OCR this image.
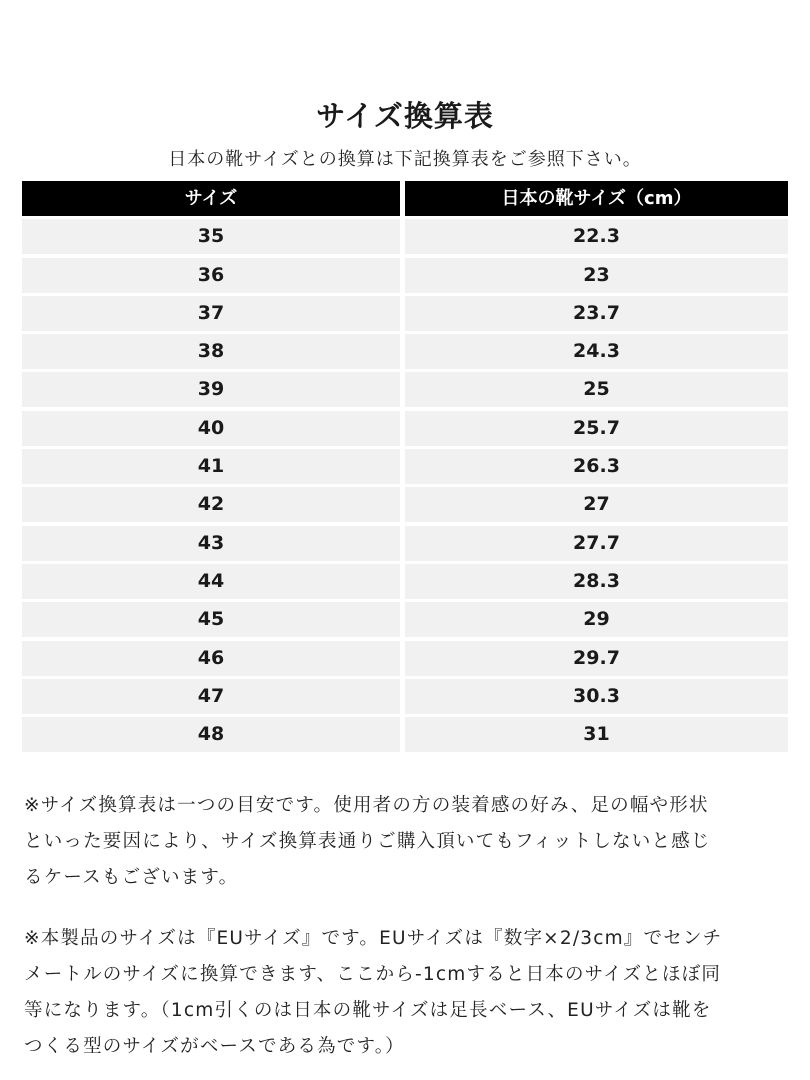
サイズ換算表
日本の靴サイズとの換算は下記換算表をご参照下さい。
サイズ	日本の靴サイズ（cm）
35	22.3
36	23
37	23.7
38	24.3
39	25
40	25.7
41	26.3
42	27
43	27.7
44	28.3
45	29
46	29.7
47	30.3
48	31
※サイズ換算表は一つの目安です。使用者の方の装着感の好み、足の幅や形状
といった要因により、サイズ換算表通りご購入頂いてもフィットしないと感じ
るケースもございます。
※本製品のサイズは『EUサイズ』です。EUサイズは『数字×2/3cm』でセンチ
メートルのサイズに換算できます、ここから-1cmすると日本のサイズとほぼ同
等になります。（1cm引くのは日本の靴サイズは足長ベース、EUサイズは靴を
つくる型のサイズがベースである為です。）
